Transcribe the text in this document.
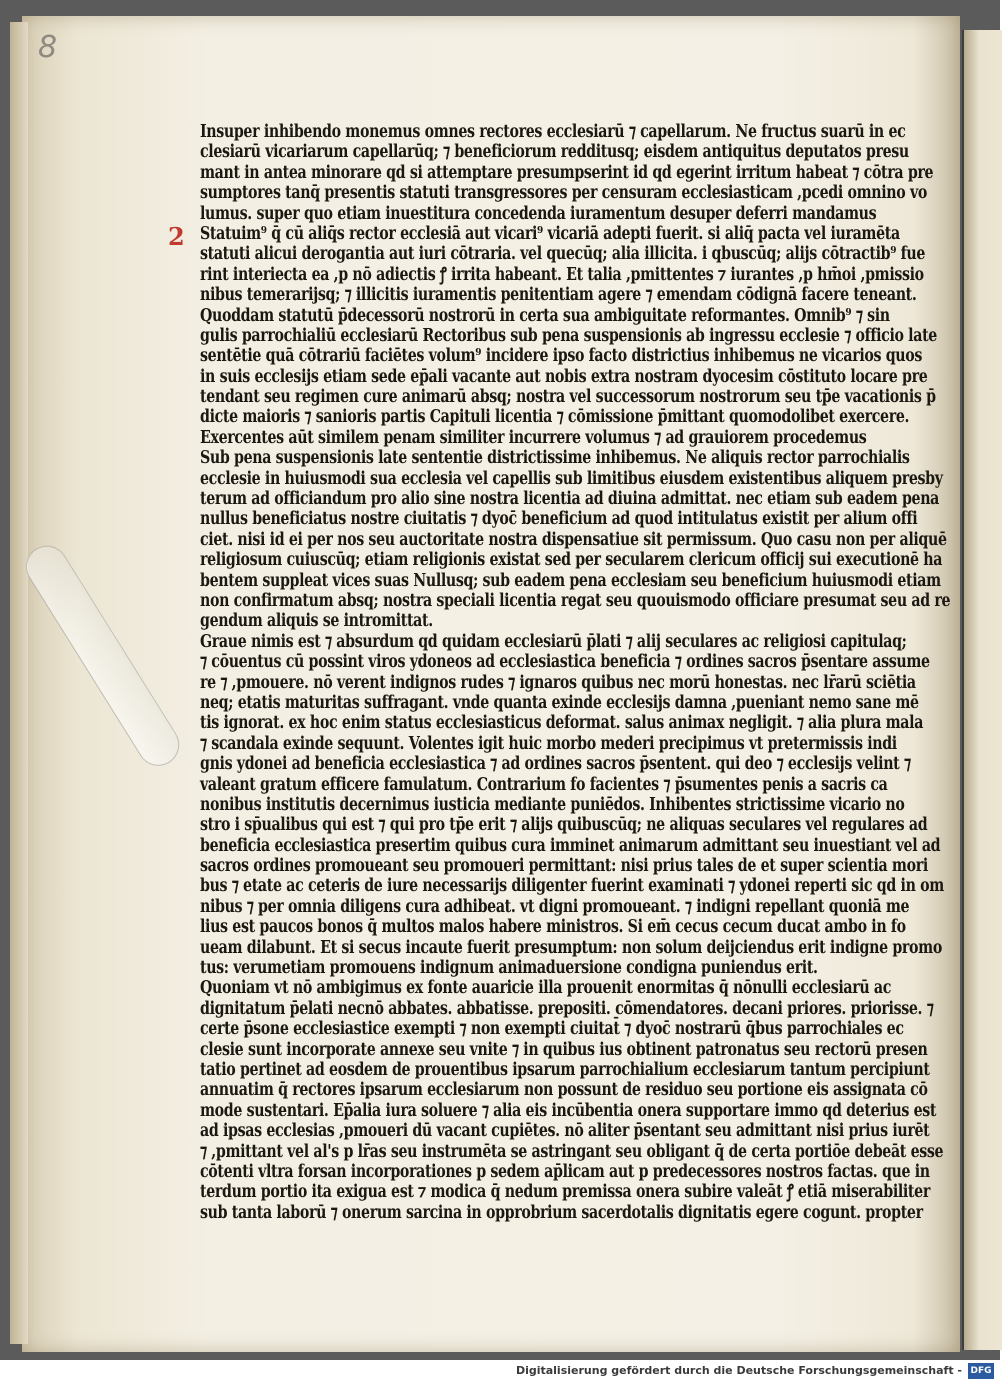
8
2
Insuper inhibendo monemus omnes rectores ecclesiarū ⁊ capellarum. Ne fructus suarū in ec
clesiarū vicariarum capellarūq; ⁊ beneficiorum redditusq; eisdem antiquitus deputatos presu
mant in antea minorare qd si attemptare presumpserint id qd egerint irritum habeat ⁊ cōtra pre
sumptores tanq̄ presentis statuti transgressores per censuram ecclesiasticam ,pcedi omnino vo
lumus. super quo etiam inuestitura concedenda iuramentum desuper deferri mandamus
Statuim⁹ q̄ cū aliq̄s rector ecclesiā aut vicari⁹ vicariā adepti fuerit. si aliq̄ pacta vel iuramēta
statuti alicui derogantia aut iuri cōtraria. vel quecūq; alia illicita. i qbuscūq; alijs cōtractib⁹ fue
rint interiecta ea ,p nō adiectis ꝭ irrita habeant. Et talia ,pmittentes ⁊ iurantes ,p hm̄oi ,pmissio
nibus temerarijsq; ⁊ illicitis iuramentis penitentiam agere ⁊ emendam cōdignā facere teneant.
Quoddam statutū p̄decessorū nostrorū in certa sua ambiguitate reformantes. Omnib⁹ ⁊ sin
gulis parrochialiū ecclesiarū Rectoribus sub pena suspensionis ab ingressu ecclesie ⁊ officio late
sentētie quā cōtrariū faciētes volum⁹ incidere ipso facto districtius inhibemus ne vicarios quos
in suis ecclesijs etiam sede ep̄ali vacante aut nobis extra nostram dyocesim cōstituto locare pre
tendant seu regimen cure animarū absq; nostra vel successorum nostrorum seu tp̄e vacationis p̄
dicte maioris ⁊ sanioris partis Capituli licentia ⁊ cōmissione p̄mittant quomodolibet exercere.
Exercentes aūt similem penam similiter incurrere volumus ⁊ ad grauiorem procedemus
Sub pena suspensionis late sententie districtissime inhibemus. Ne aliquis rector parrochialis
ecclesie in huiusmodi sua ecclesia vel capellis sub limitibus eiusdem existentibus aliquem presby
terum ad officiandum pro alio sine nostra licentia ad diuina admittat. nec etiam sub eadem pena
nullus beneficiatus nostre ciuitatis ⁊ dyoc̄ beneficium ad quod intitulatus existit per alium offi
ciet. nisi id ei per nos seu auctoritate nostra dispensatiue sit permissum. Quo casu non per aliquē
religiosum cuiuscūq; etiam religionis existat sed per secularem clericum officij sui executionē ha
bentem suppleat vices suas Nullusq; sub eadem pena ecclesiam seu beneficium huiusmodi etiam
non confirmatum absq; nostra speciali licentia regat seu quouismodo officiare presumat seu ad re
gendum aliquis se intromittat.
Graue nimis est ⁊ absurdum qd quidam ecclesiarū p̄lati ⁊ alij seculares ac religiosi capitulaq;
⁊ cōuentus cū possint viros ydoneos ad ecclesiastica beneficia ⁊ ordines sacros p̄sentare assume
re ⁊ ,pmouere. nō verent indignos rudes ⁊ ignaros quibus nec morū honestas. nec lr̄arū sciētia
neq; etatis maturitas suffragant. vnde quanta exinde ecclesijs damna ,pueniant nemo sane mē
tis ignorat. ex hoc enim status ecclesiasticus deformat. salus animax negligit. ⁊ alia plura mala
⁊ scandala exinde sequunt. Volentes igit huic morbo mederi precipimus vt pretermissis indi
gnis ydonei ad beneficia ecclesiastica ⁊ ad ordines sacros p̄sentent. qui deo ⁊ ecclesijs velint ⁊
valeant gratum efficere famulatum. Contrarium fo facientes ⁊ p̄sumentes penis a sacris ca
nonibus institutis decernimus iusticia mediante puniēdos. Inhibentes strictissime vicario no
stro i sp̄ualibus qui est ⁊ qui pro tp̄e erit ⁊ alijs quibuscūq; ne aliquas seculares vel regulares ad
beneficia ecclesiastica presertim quibus cura imminet animarum admittant seu inuestiant vel ad
sacros ordines promoueant seu promoueri permittant: nisi prius tales de et super scientia mori
bus ⁊ etate ac ceteris de iure necessarijs diligenter fuerint examinati ⁊ ydonei reperti sic qd in om
nibus ⁊ per omnia diligens cura adhibeat. vt digni promoueant. ⁊ indigni repellant quoniā me
lius est paucos bonos q̄ multos malos habere ministros. Si em̄ cecus cecum ducat ambo in fo
ueam dilabunt. Et si secus incaute fuerit presumptum: non solum deijciendus erit indigne promo
tus: verumetiam promouens indignum animaduersione condigna puniendus erit.
Quoniam vt nō ambigimus ex fonte auaricie illa prouenit enormitas q̄ nōnulli ecclesiarū ac
dignitatum p̄elati necnō abbates. abbatisse. prepositi. cōmendatores. decani priores. priorisse. ⁊
certe p̄sone ecclesiastice exempti ⁊ non exempti ciuitat̄ ⁊ dyoc̄ nostrarū q̄bus parrochiales ec
clesie sunt incorporate annexe seu vnite ⁊ in quibus ius obtinent patronatus seu rectorū presen
tatio pertinet ad eosdem de prouentibus ipsarum parrochialium ecclesiarum tantum percipiunt
annuatim q̄ rectores ipsarum ecclesiarum non possunt de residuo seu portione eis assignata cō
mode sustentari. Ep̄alia iura soluere ⁊ alia eis incūbentia onera supportare immo qd deterius est
ad ipsas ecclesias ,pmoueri dū vacant cupiētes. nō aliter p̄sentant seu admittant nisi prius iurēt
⁊ ,pmittant vel al's p lr̄as seu instrumēta se astringant seu obligant q̄ de certa portiōe debeāt esse
cōtenti vltra forsan incorporationes p sedem ap̄licam aut p predecessores nostros factas. que in
terdum portio ita exigua est ⁊ modica q̄ nedum premissa onera subire valeāt ꝭ etiā miserabiliter
sub tanta laborū ⁊ onerum sarcina in opprobrium sacerdotalis dignitatis egere cogunt. propter
Digitalisierung gefördert durch die Deutsche Forschungsgemeinschaft - DFG
